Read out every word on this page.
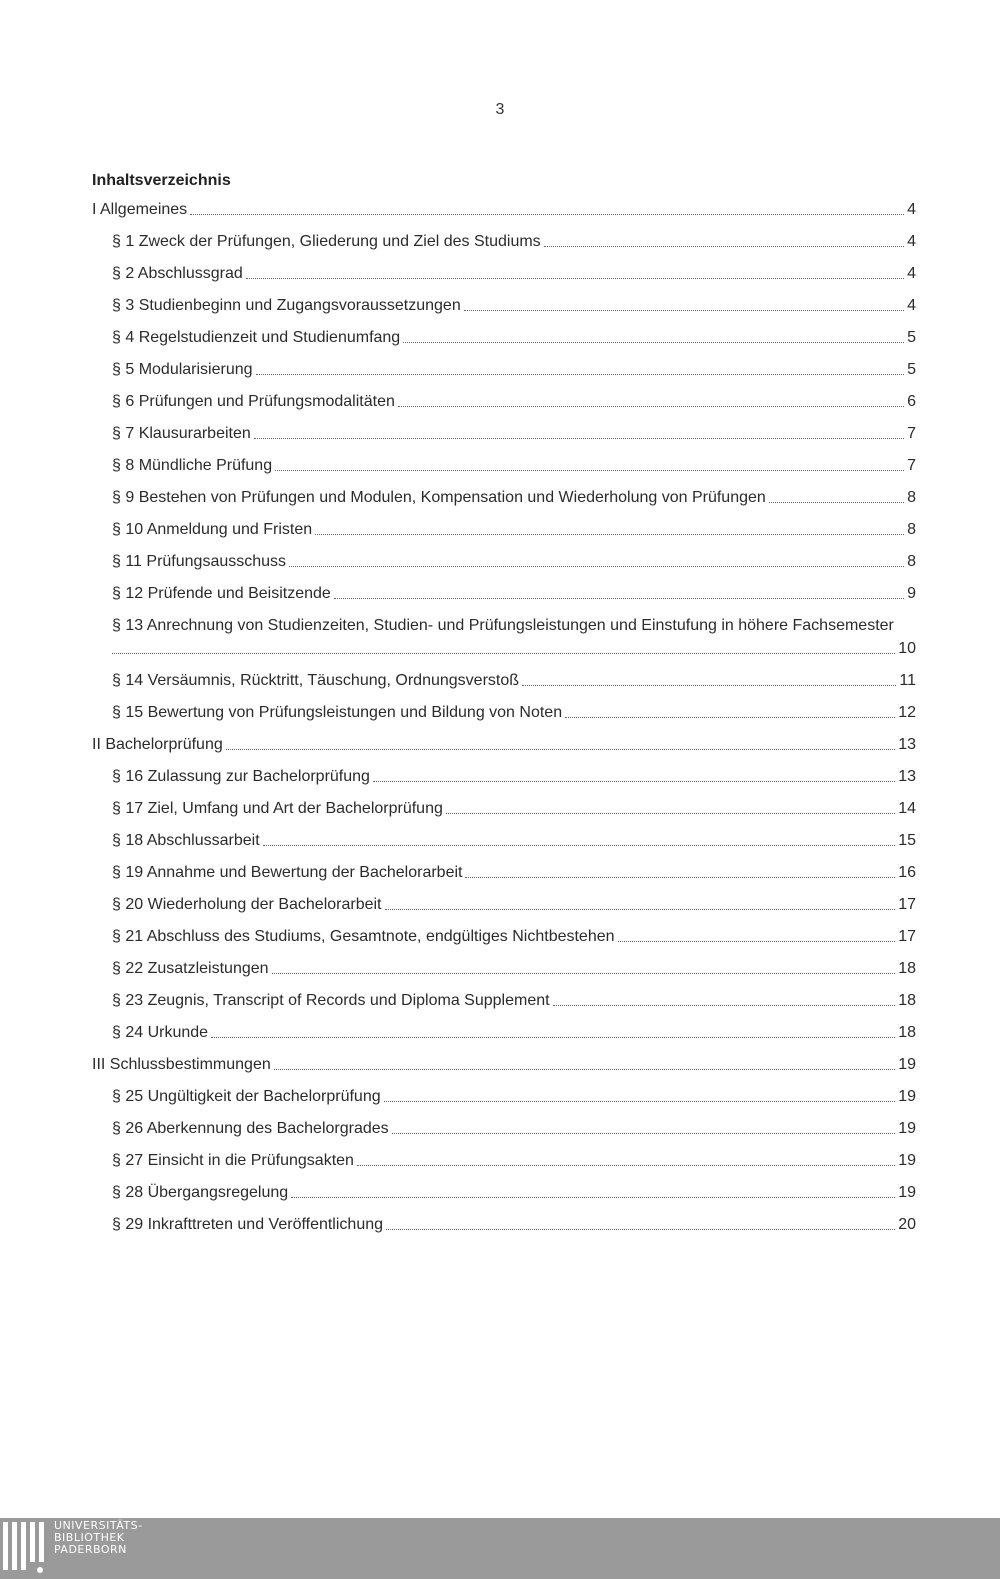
3
Inhaltsverzeichnis
I Allgemeines	4
§ 1 Zweck der Prüfungen, Gliederung und Ziel des Studiums	4
§ 2 Abschlussgrad	4
§ 3 Studienbeginn und Zugangsvoraussetzungen	4
§ 4 Regelstudienzeit und Studienumfang	5
§ 5 Modularisierung	5
§ 6 Prüfungen und Prüfungsmodalitäten	6
§ 7 Klausurarbeiten	7
§ 8 Mündliche Prüfung	7
§ 9 Bestehen von Prüfungen und Modulen, Kompensation und Wiederholung von Prüfungen	8
§ 10 Anmeldung und Fristen	8
§ 11 Prüfungsausschuss	8
§ 12 Prüfende und Beisitzende	9
§ 13 Anrechnung von Studienzeiten, Studien- und Prüfungsleistungen und Einstufung in höhere Fachsemester
10
§ 14 Versäumnis, Rücktritt, Täuschung, Ordnungsverstoß	11
§ 15 Bewertung von Prüfungsleistungen und Bildung von Noten	12
II Bachelorprüfung	13
§ 16 Zulassung zur Bachelorprüfung	13
§ 17 Ziel, Umfang und Art der Bachelorprüfung	14
§ 18 Abschlussarbeit	15
§ 19 Annahme und Bewertung der Bachelorarbeit	16
§ 20 Wiederholung der Bachelorarbeit	17
§ 21 Abschluss des Studiums, Gesamtnote, endgültiges Nichtbestehen	17
§ 22 Zusatzleistungen	18
§ 23 Zeugnis, Transcript of Records und Diploma Supplement	18
§ 24 Urkunde	18
III Schlussbestimmungen	19
§ 25 Ungültigkeit der Bachelorprüfung	19
§ 26 Aberkennung des Bachelorgrades	19
§ 27 Einsicht in die Prüfungsakten	19
§ 28 Übergangsregelung	19
§ 29 Inkrafttreten und Veröffentlichung	20
UNIVERSITÄTS-
BIBLIOTHEK
PADERBORN
